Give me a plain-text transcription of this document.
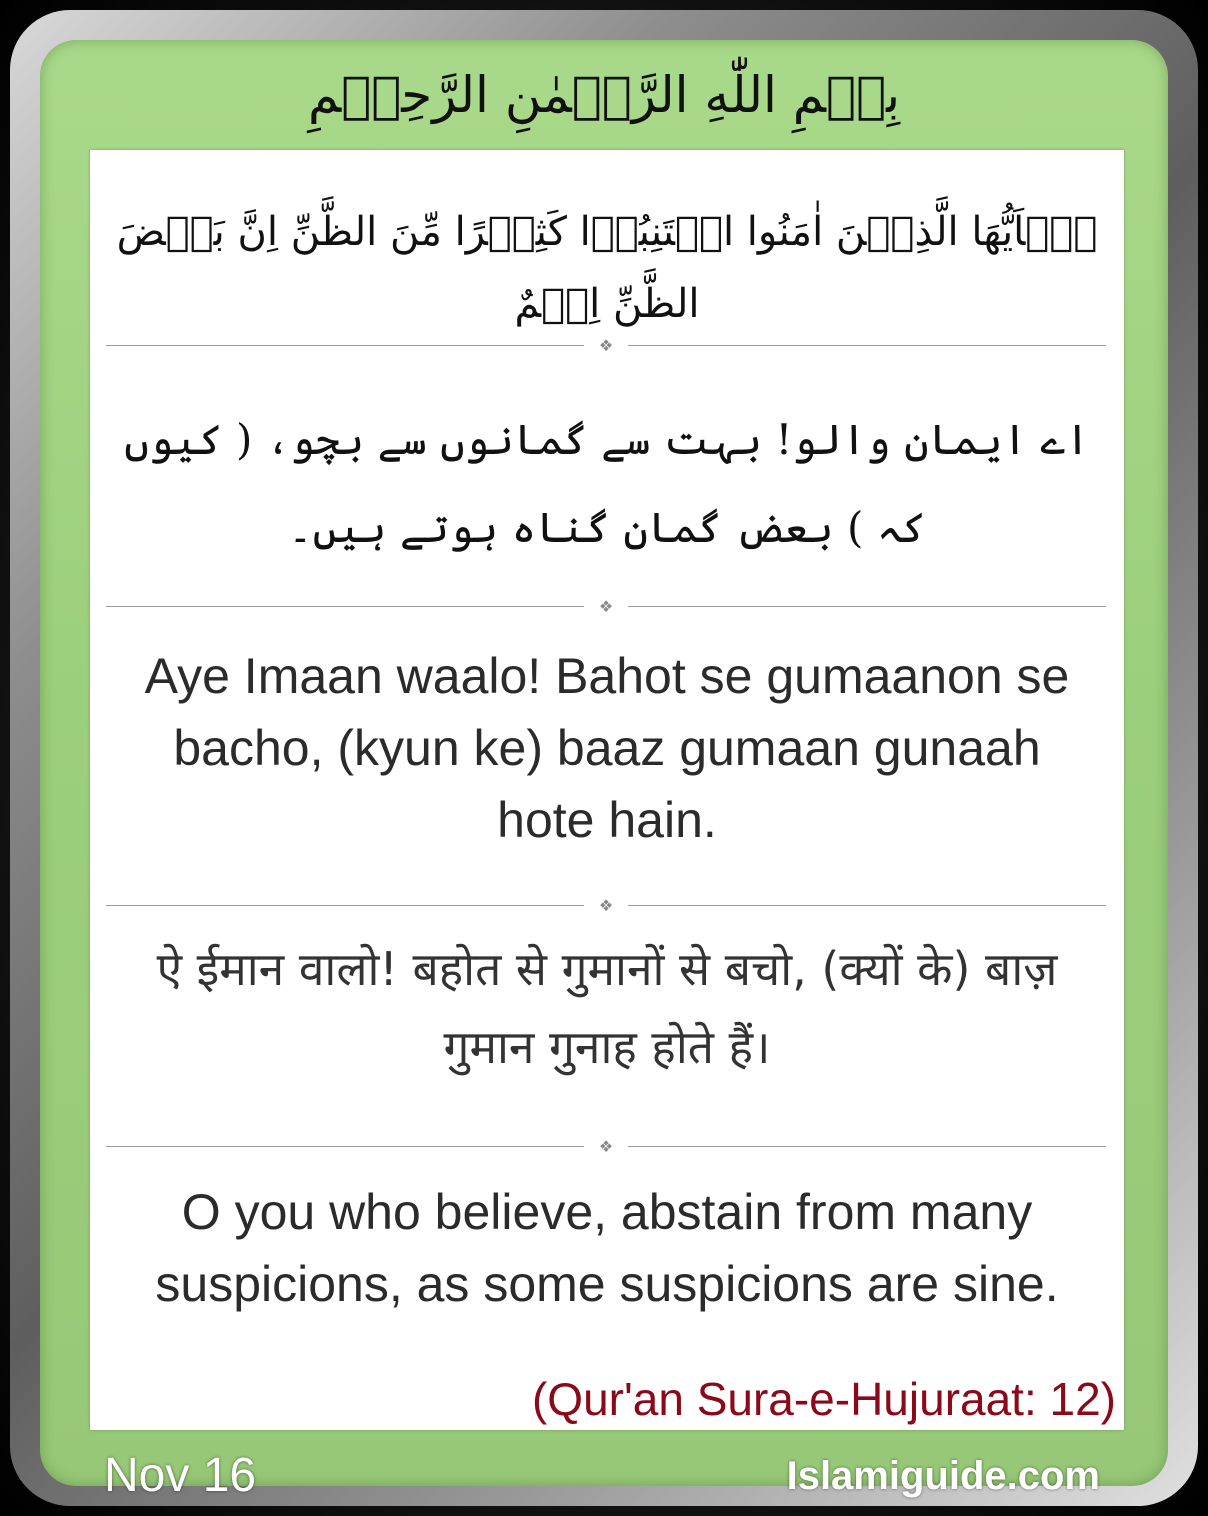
بِسۡمِ اللّٰهِ الرَّحۡمٰنِ الرَّحِیۡمِ
يٰۤاَيُّهَا الَّذِيۡنَ اٰمَنُوا اجۡتَنِبُوۡا كَثِيۡرًا مِّنَ الظَّنِّ اِنَّ بَعۡضَ الظَّنِّ اِثۡمٌ
❖
اے ایمان والو! بہت سے گمانوں سے بچو، ( کیوں کہ ) بعض گمان گناہ ہوتے ہیں۔
❖
Aye Imaan waalo! Bahot se gumaanon se bacho, (kyun ke) baaz gumaan gunaah hote hain.
❖
ऐ ईमान वालो! बहोत से गुमानों से बचो, (क्यों के) बाज़ गुमान गुनाह होते हैं।
❖
O you who believe, abstain from many suspicions, as some suspicions are sine.
(Qur'an Sura-e-Hujuraat: 12)
Nov 16	Islamiguide.com
